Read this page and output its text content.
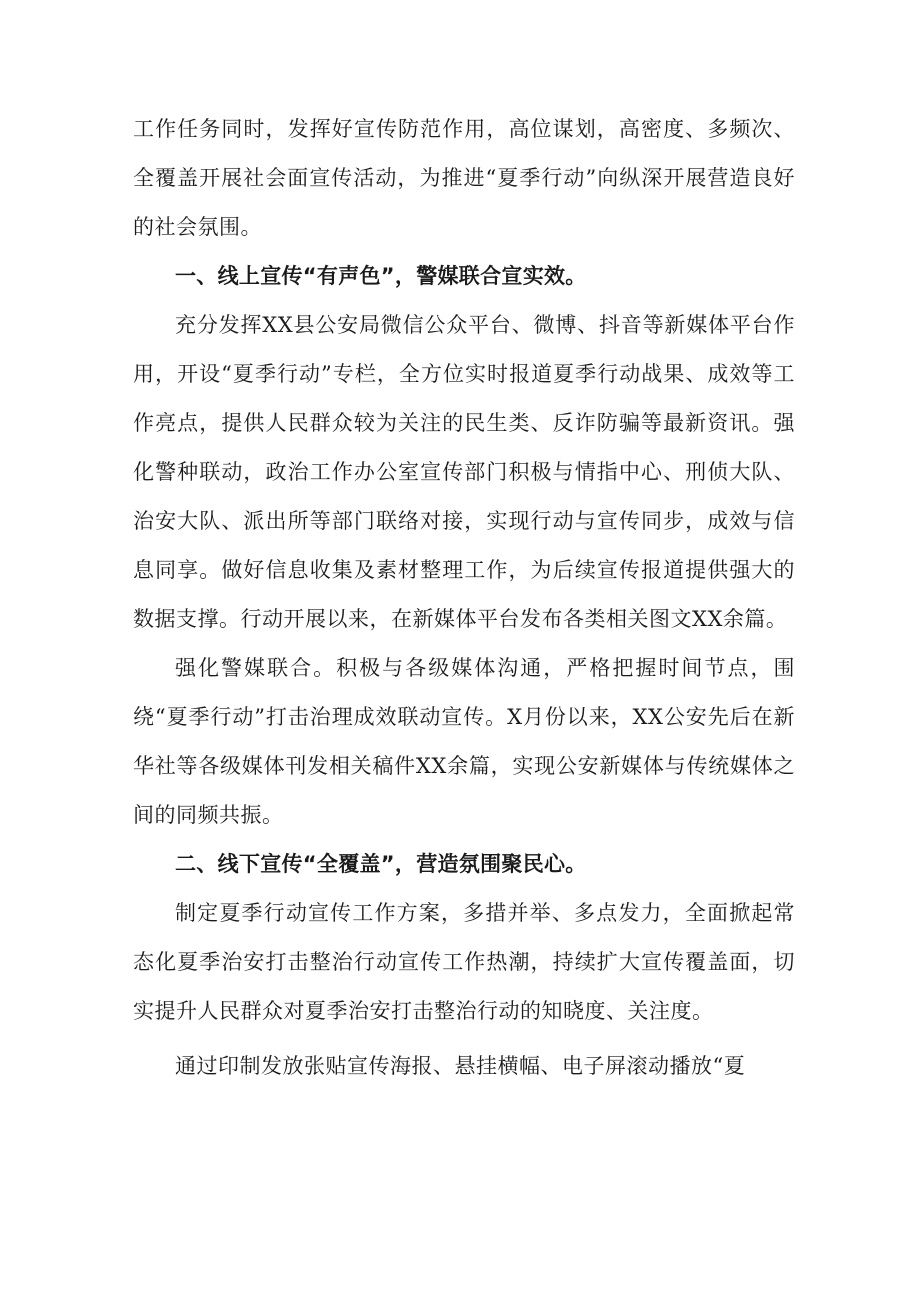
工作任务同时，发挥好宣传防范作用，高位谋划，高密度、多频次、全覆盖开展社会面宣传活动，为推进“夏季行动”向纵深开展营造良好的社会氛围。

一、线上宣传“有声色”，警媒联合宣实效。

充分发挥XX县公安局微信公众平台、微博、抖音等新媒体平台作用，开设“夏季行动”专栏，全方位实时报道夏季行动战果、成效等工作亮点，提供人民群众较为关注的民生类、反诈防骗等最新资讯。强化警种联动，政治工作办公室宣传部门积极与情指中心、刑侦大队、治安大队、派出所等部门联络对接，实现行动与宣传同步，成效与信息同享。做好信息收集及素材整理工作，为后续宣传报道提供强大的数据支撑。行动开展以来，在新媒体平台发布各类相关图文XX余篇。

强化警媒联合。积极与各级媒体沟通，严格把握时间节点，围绕“夏季行动”打击治理成效联动宣传。X月份以来，XX公安先后在新华社等各级媒体刊发相关稿件XX余篇，实现公安新媒体与传统媒体之间的同频共振。

二、线下宣传“全覆盖”，营造氛围聚民心。

制定夏季行动宣传工作方案，多措并举、多点发力，全面掀起常态化夏季治安打击整治行动宣传工作热潮，持续扩大宣传覆盖面，切实提升人民群众对夏季治安打击整治行动的知晓度、关注度。

通过印制发放张贴宣传海报、悬挂横幅、电子屏滚动播放“夏
